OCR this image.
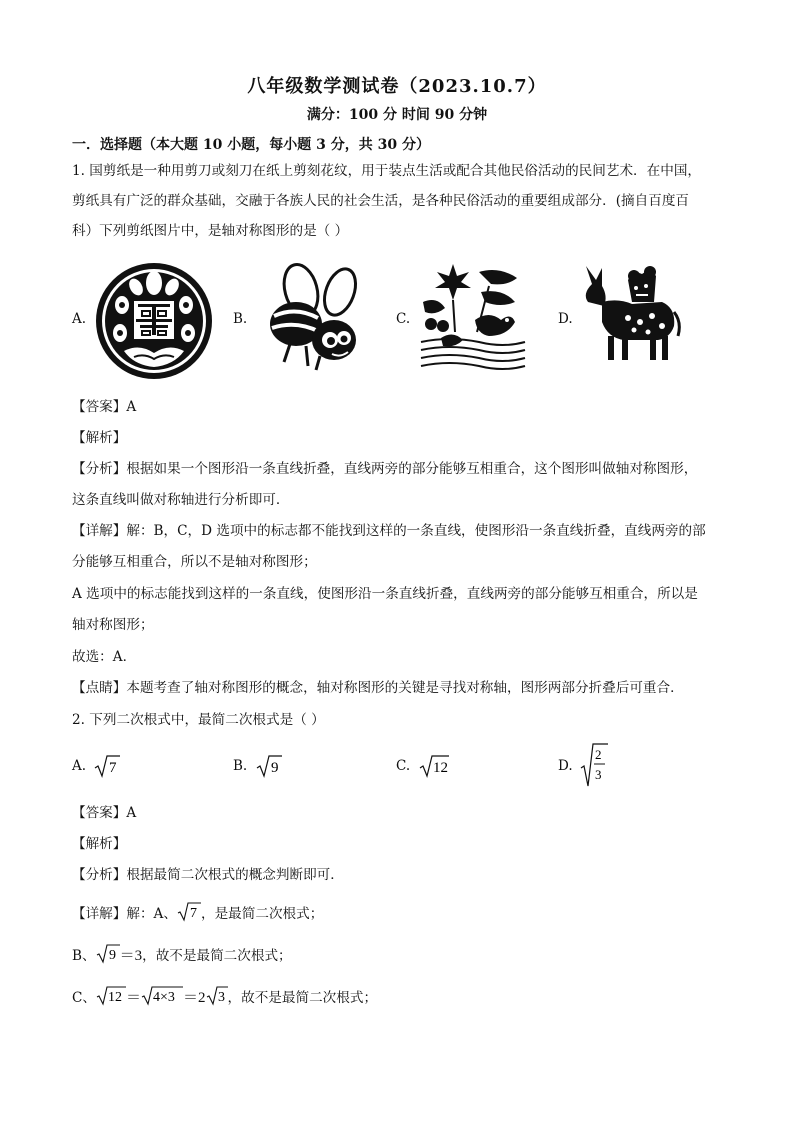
八年级数学测试卷（2023.10.7）
满分：100 分 时间 90 分钟
一．选择题（本大题 10 小题，每小题 3 分，共 30 分）
1. 国剪纸是一种用剪刀或刻刀在纸上剪刻花纹，用于装点生活或配合其他民俗活动的民间艺术．在中国，
剪纸具有广泛的群众基础，交融于各族人民的社会生活，是各种民俗活动的重要组成部分．(摘自百度百
科）下列剪纸图片中，是轴对称图形的是（ ）
A.	B.	C.	D.
【答案】A
【解析】
【分析】根据如果一个图形沿一条直线折叠，直线两旁的部分能够互相重合，这个图形叫做轴对称图形，
这条直线叫做对称轴进行分析即可．
【详解】解：B，C，D 选项中的标志都不能找到这样的一条直线，使图形沿一条直线折叠，直线两旁的部
分能够互相重合，所以不是轴对称图形；
A 选项中的标志能找到这样的一条直线，使图形沿一条直线折叠，直线两旁的部分能够互相重合，所以是
轴对称图形；
故选：A．
【点睛】本题考查了轴对称图形的概念，轴对称图形的关键是寻找对称轴，图形两部分折叠后可重合．
2. 下列二次根式中，最简二次根式是（ ）
A. 7	B. 9	C. 12	D.
2
3
【答案】A
【解析】
【分析】根据最简二次根式的概念判断即可．
【详解】解：A、 7 ，是最简二次根式；
B、 9 ＝3，故不是最简二次根式；
C、 12 ＝ 4×3 ＝2 3 ，故不是最简二次根式；
